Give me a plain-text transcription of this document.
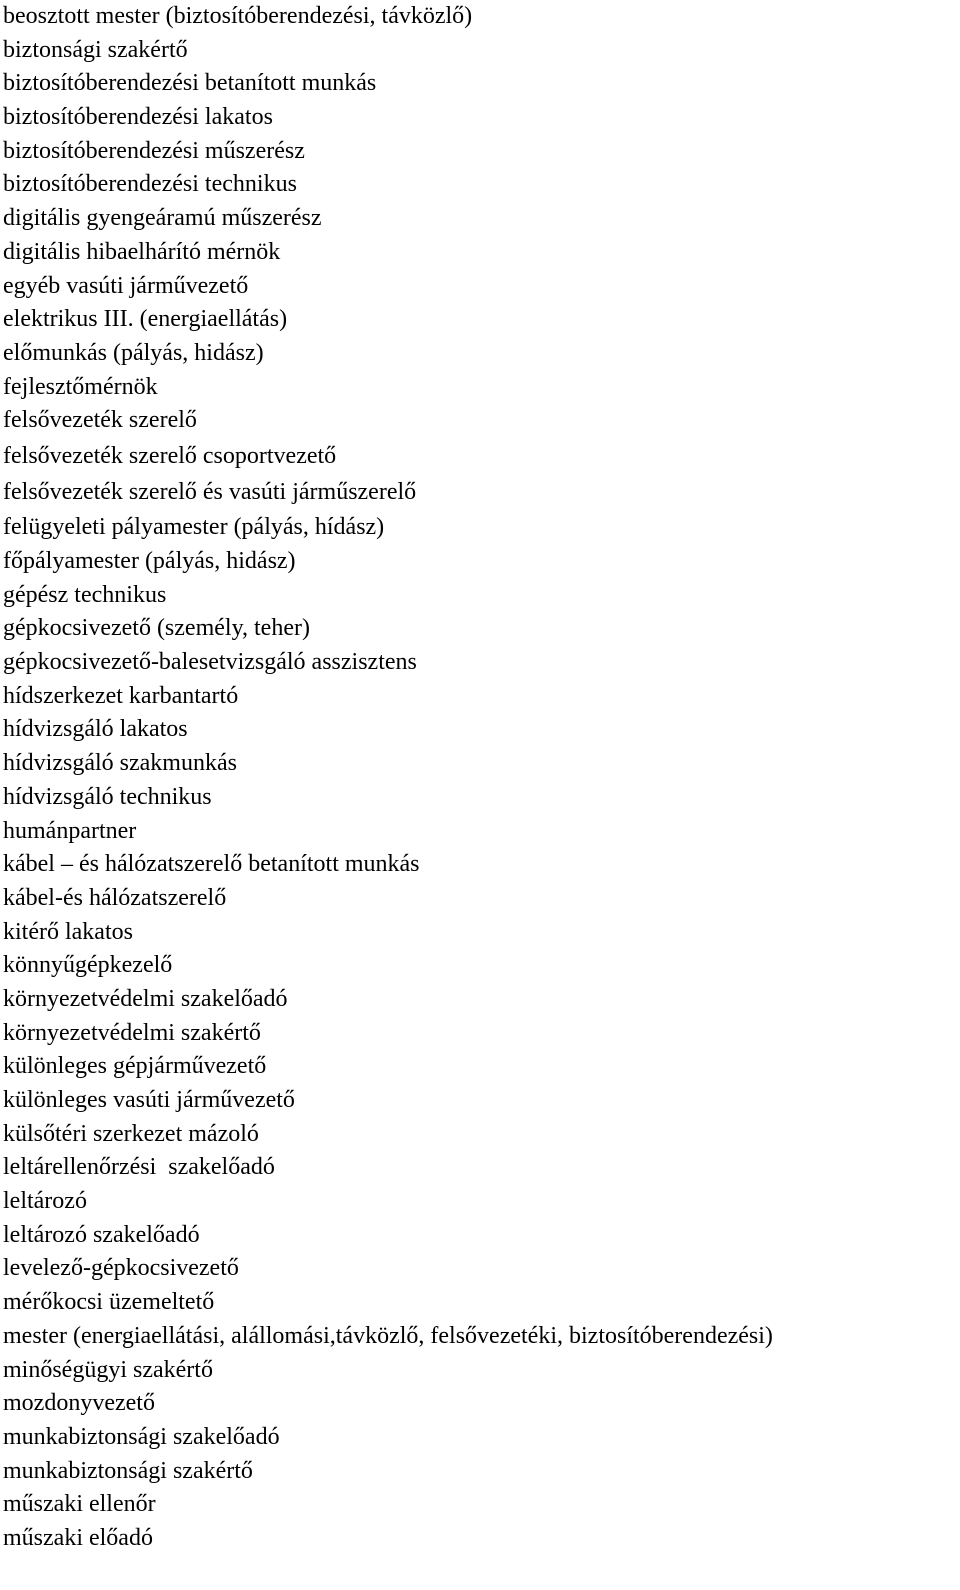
beosztott mester (biztosítóberendezési, távközlő)
biztonsági szakértő
biztosítóberendezési betanított munkás
biztosítóberendezési lakatos
biztosítóberendezési műszerész
biztosítóberendezési technikus
digitális gyengeáramú műszerész
digitális hibaelhárító mérnök
egyéb vasúti járművezető
elektrikus III. (energiaellátás)
előmunkás (pályás, hidász)
fejlesztőmérnök
felsővezeték szerelő
felsővezeték szerelő csoportvezető
felsővezeték szerelő és vasúti járműszerelő
felügyeleti pályamester (pályás, hídász)
főpályamester (pályás, hidász)
gépész technikus
gépkocsivezető (személy, teher)
gépkocsivezető-balesetvizsgáló asszisztens
hídszerkezet karbantartó
hídvizsgáló lakatos
hídvizsgáló szakmunkás
hídvizsgáló technikus
humánpartner
kábel – és hálózatszerelő betanított munkás
kábel-és hálózatszerelő
kitérő lakatos
könnyűgépkezelő
környezetvédelmi szakelőadó
környezetvédelmi szakértő
különleges gépjárművezető
különleges vasúti járművezető
külsőtéri szerkezet mázoló
leltárellenőrzési  szakelőadó
leltározó
leltározó szakelőadó
levelező-gépkocsivezető
mérőkocsi üzemeltető
mester (energiaellátási, alállomási,távközlő, felsővezetéki, biztosítóberendezési)
minőségügyi szakértő
mozdonyvezető
munkabiztonsági szakelőadó
munkabiztonsági szakértő
műszaki ellenőr
műszaki előadó
